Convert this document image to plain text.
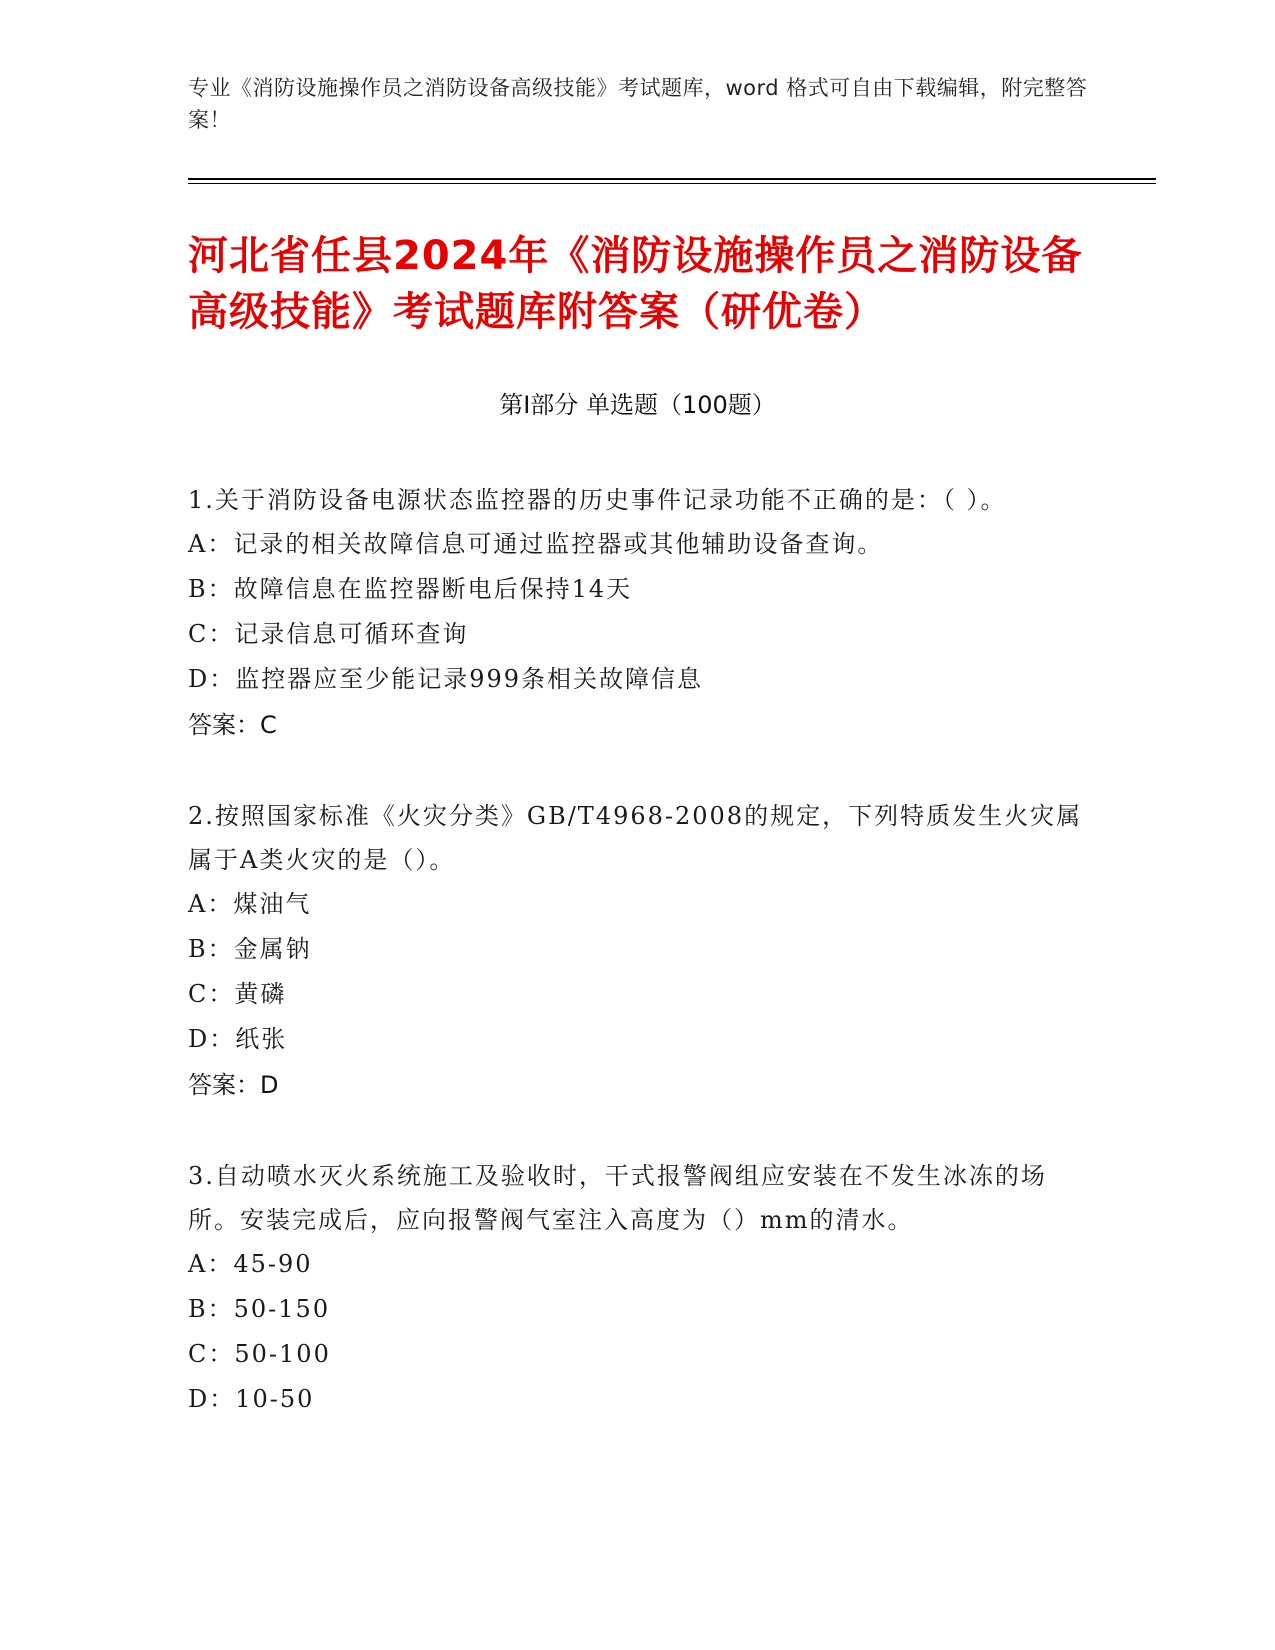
专业《消防设施操作员之消防设备高级技能》考试题库，word 格式可自由下载编辑，附完整答案！
河北省任县2024年《消防设施操作员之消防设备高级技能》考试题库附答案（研优卷）
第Ⅰ部分 单选题（100题）

1.关于消防设备电源状态监控器的历史事件记录功能不正确的是：（ ）。

A： 记录的相关故障信息可通过监控器或其他辅助设备查询。
B： 故障信息在监控器断电后保持14天
C： 记录信息可循环查询
D： 监控器应至少能记录999条相关故障信息
答案：C

2.按照国家标准《火灾分类》GB/T4968-2008的规定，下列特质发生火灾属属于A类火灾的是（）。

A： 煤油气
B： 金属钠
C： 黄磷
D： 纸张
答案：D

3.自动喷水灭火系统施工及验收时，干式报警阀组应安装在不发生冰冻的场所。安装完成后，应向报警阀气室注入高度为（）mm的清水。

A： 45-90
B： 50-150
C： 50-100
D： 10-50
